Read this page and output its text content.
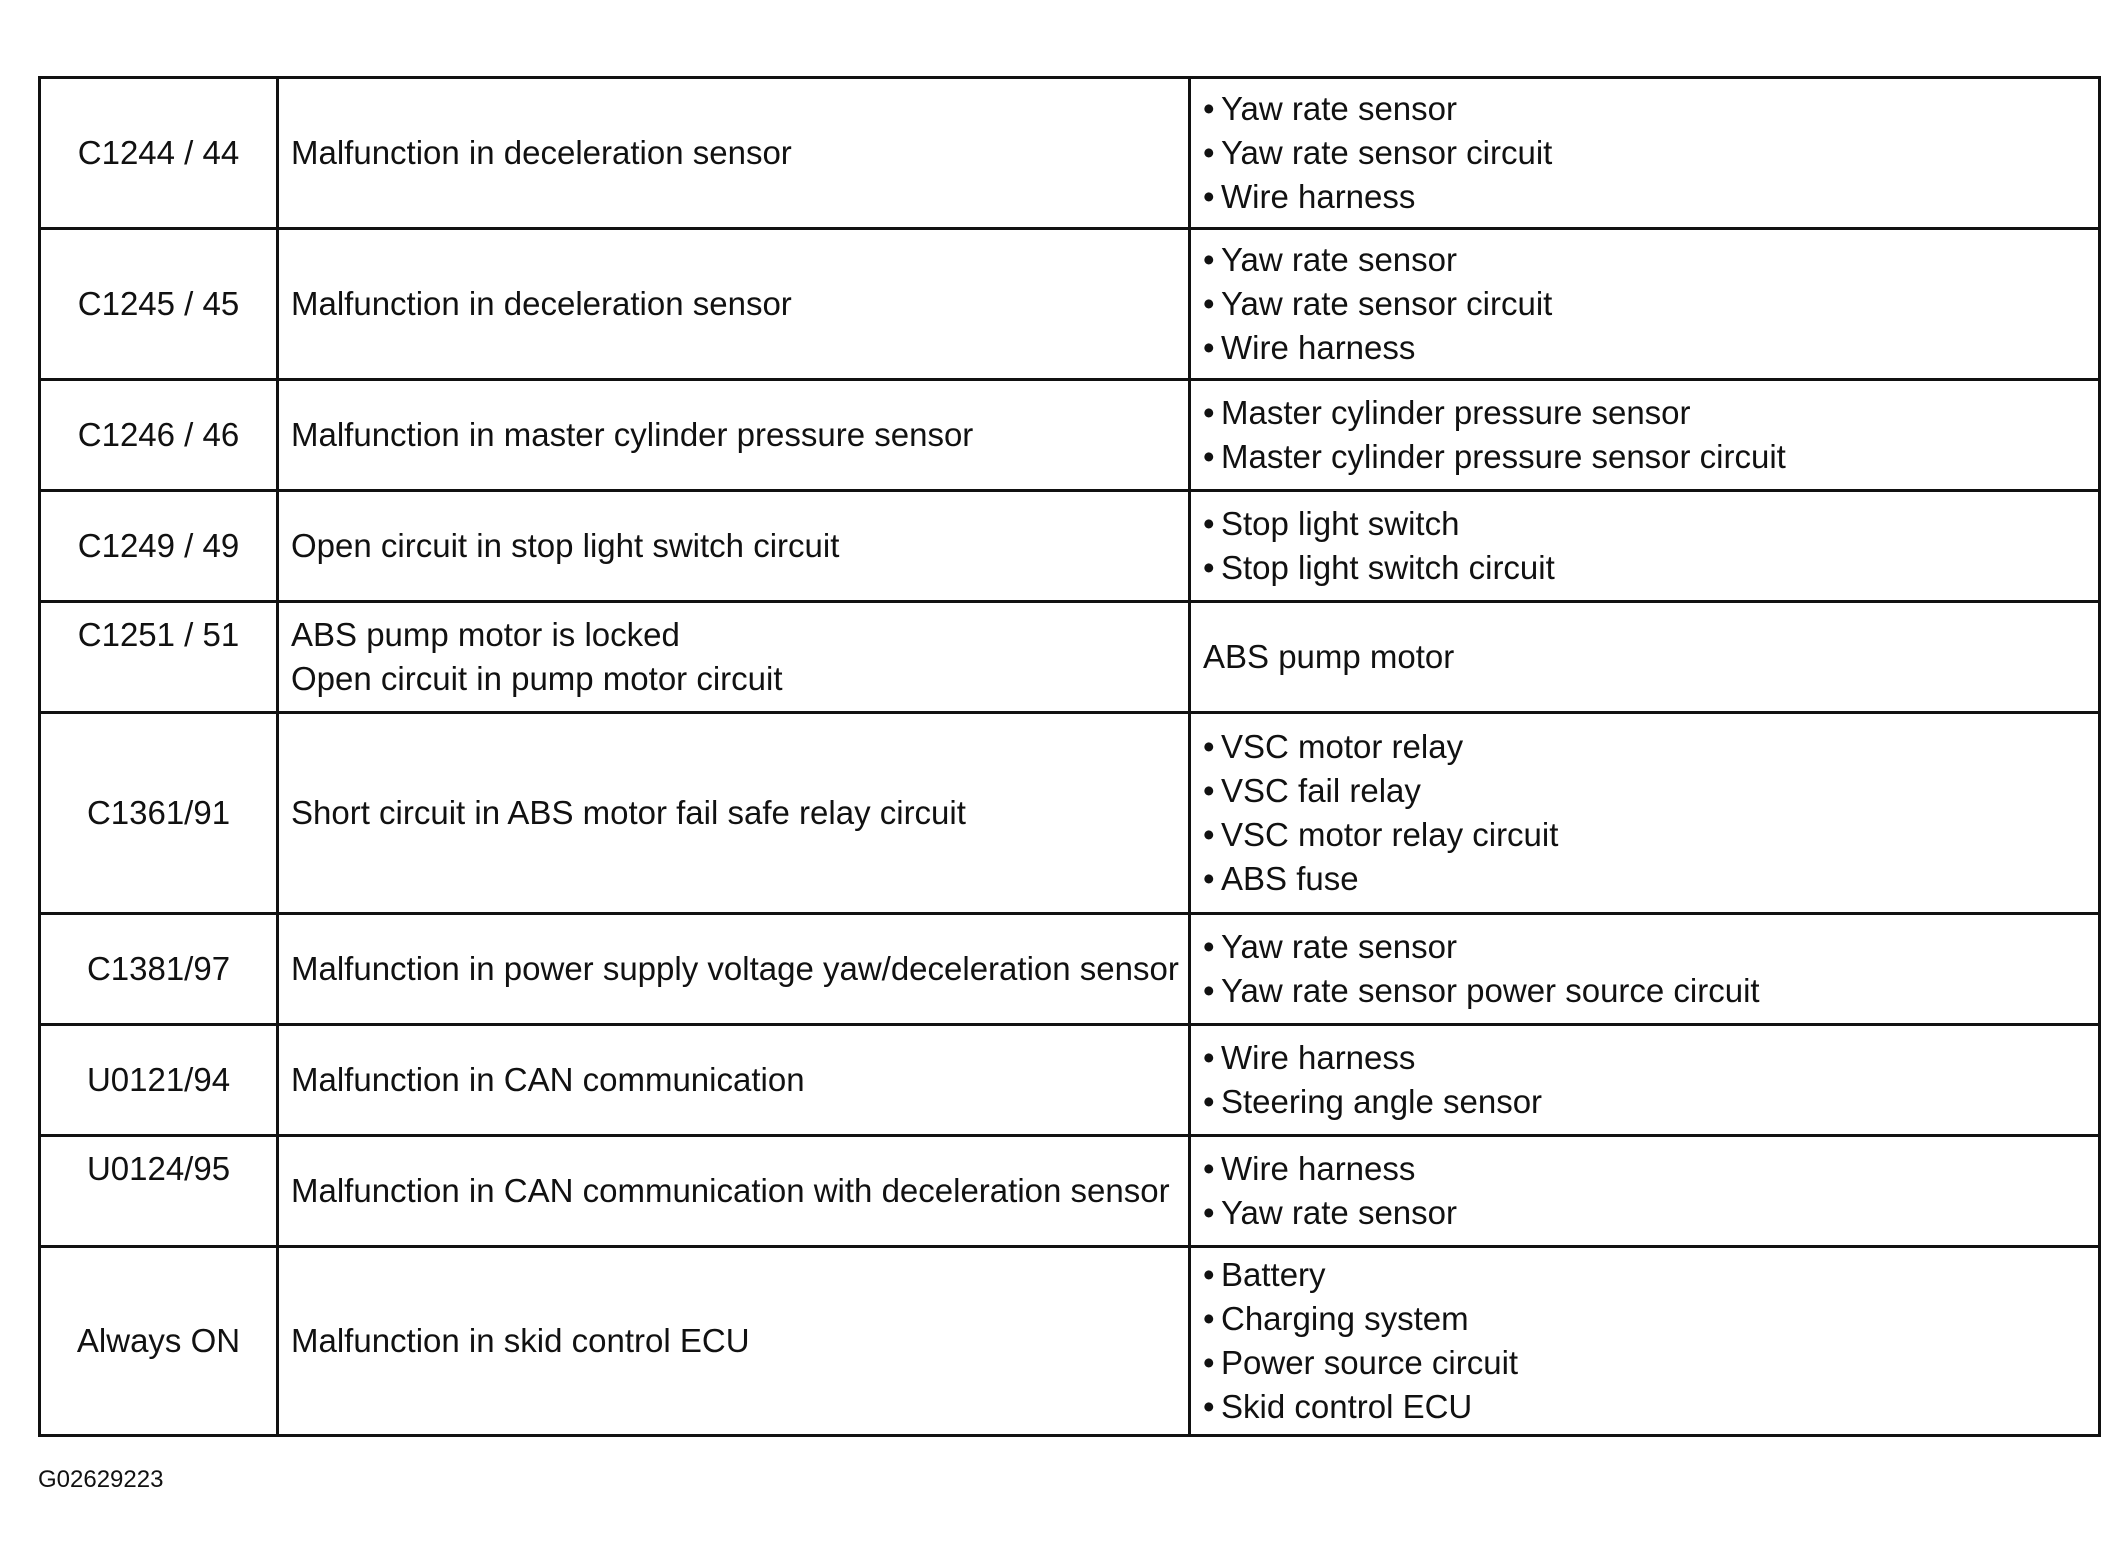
C1244 / 44	Malfunction in deceleration sensor	• Yaw rate sensor
• Yaw rate sensor circuit
• Wire harness

C1245 / 45	Malfunction in deceleration sensor	• Yaw rate sensor
• Yaw rate sensor circuit
• Wire harness

C1246 / 46	Malfunction in master cylinder pressure sensor	• Master cylinder pressure sensor
• Master cylinder pressure sensor circuit

C1249 / 49	Open circuit in stop light switch circuit	• Stop light switch
• Stop light switch circuit

C1251 / 51	ABS pump motor is locked
Open circuit in pump motor circuit	ABS pump motor

C1361/91	Short circuit in ABS motor fail safe relay circuit	• VSC motor relay
• VSC fail relay
• VSC motor relay circuit
• ABS fuse

C1381/97	Malfunction in power supply voltage yaw/deceleration sensor	• Yaw rate sensor
• Yaw rate sensor power source circuit

U0121/94	Malfunction in CAN communication	• Wire harness
• Steering angle sensor

U0124/95	Malfunction in CAN communication with deceleration sensor	• Wire harness
• Yaw rate sensor

Always ON	Malfunction in skid control ECU	• Battery
• Charging system
• Power source circuit
• Skid control ECU
G02629223
